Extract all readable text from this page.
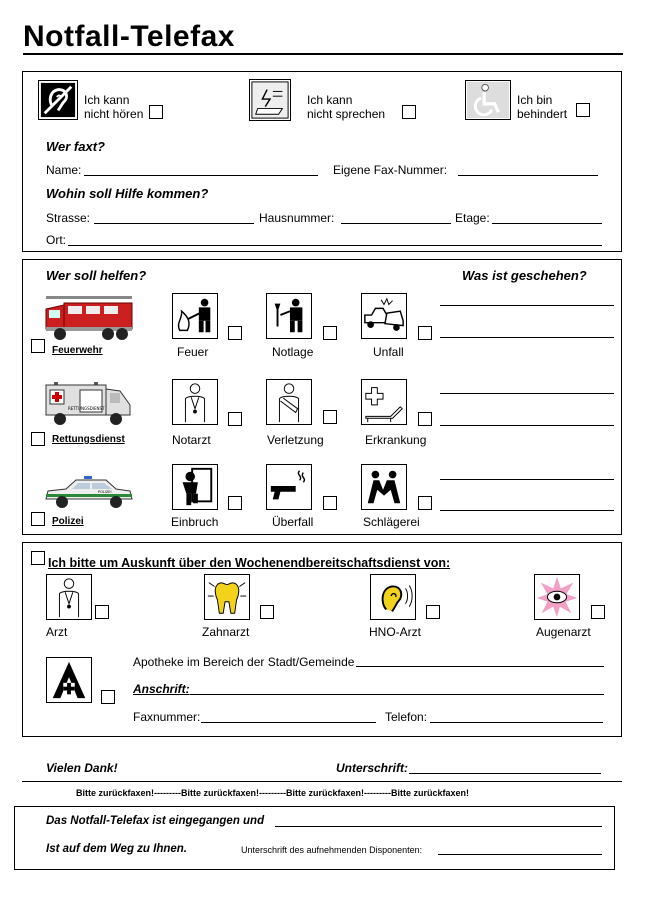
Notfall-Telefax
Ich kann
nicht hören
Ich kann
nicht sprechen
Ich bin
behindert
Wer faxt?
Name:	Eigene Fax-Nummer:
Wohin soll Hilfe kommen?
Strasse:	Hausnummer:	Etage:
Ort:
Wer soll helfen?	Was ist geschehen?
Feuerwehr	Feuer	Notlage	Unfall
RETTUNGSDIENST
Rettungsdienst	Notarzt	Verletzung	Erkrankung
POLIZEI
Polizei	Einbruch	Überfall	Schlägerei
Ich bitte um Auskunft über den Wochenendbereitschaftsdienst von:
Arzt	Zahnarzt	HNO-Arzt	Augenarzt
Apotheke im Bereich der Stadt/Gemeinde
Anschrift:
Faxnummer:	Telefon:
Vielen Dank!	Unterschrift:
Bitte zurückfaxen!---------Bitte zurückfaxen!---------Bitte zurückfaxen!---------Bitte zurückfaxen!
Das Notfall-Telefax ist eingegangen und
Ist auf dem Weg zu Ihnen.	Unterschrift des aufnehmenden Disponenten:
